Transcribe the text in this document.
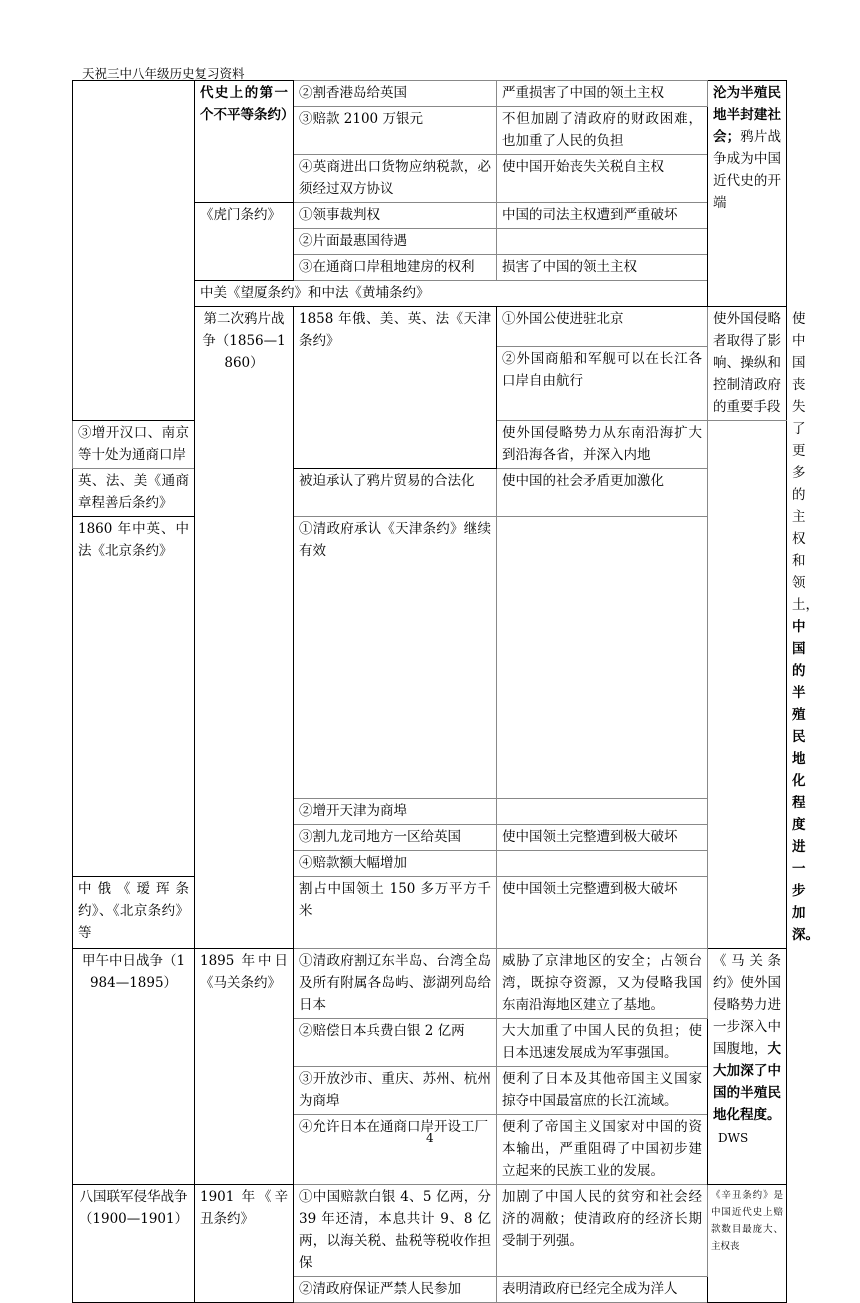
天祝三中八年级历史复习资料
	代史上的第一个不平等条约）	②割香港岛给英国	严重损害了中国的领土主权	沦为半殖民地半封建社会；鸦片战争成为中国近代史的开端	
		③赔款 2100 万银元	不但加剧了清政府的财政困难，也加重了人民的负担		
		④英商进出口货物应纳税款，必须经过双方协议	使中国开始丧失关税自主权		
	《虎门条约》	①领事裁判权	中国的司法主权遭到严重破坏		
		②片面最惠国待遇			
		③在通商口岸租地建房的权利	损害了中国的领土主权		
	中美《望厦条约》和中法《黄埔条约》				
	第二次鸦片战争（1856—1860）	1858 年俄、美、英、法《天津条约》	①外国公使进驻北京	使外国侵略者取得了影响、操纵和控制清政府的重要手段	使中国丧失了更多的主权和领土，中国的半殖民地化程度进一步加深。
			②外国商船和军舰可以在长江各口岸自由航行		
③增开汉口、南京等十处为通商口岸			使外国侵略势力从东南沿海扩大到沿海各省，并深入内地		
英、法、美《通商章程善后条约》		被迫承认了鸦片贸易的合法化	使中国的社会矛盾更加激化		
1860 年中英、中法《北京条约》		①清政府承认《天津条约》继续有效			
		②增开天津为商埠			
		③割九龙司地方一区给英国	使中国领土完整遭到极大破坏		
		④赔款额大幅增加			
中俄《瑷珲条约》、《北京条约》等		割占中国领土 150 多万平方千米	使中国领土完整遭到极大破坏		
甲午中日战争（1984—1895）	1895 年中日《马关条约》	①清政府割辽东半岛、台湾全岛及所有附属各岛屿、澎湖列岛给日本	威胁了京津地区的安全；占领台湾，既掠夺资源，又为侵略我国东南沿海地区建立了基地。	《马关条约》使外国侵略势力进一步深入中国腹地，大大加深了中国的半殖民地化程度。	
		②赔偿日本兵费白银 2 亿两	大大加重了中国人民的负担；使日本迅速发展成为军事强国。		
		③开放沙市、重庆、苏州、杭州为商埠	便利了日本及其他帝国主义国家掠夺中国最富庶的长江流域。		
		④允许日本在通商口岸开设工厂	便利了帝国主义国家对中国的资本输出，严重阻碍了中国初步建立起来的民族工业的发展。		
八国联军侵华战争（1900—1901）	1901 年《辛丑条约》	①中国赔款白银 4、5 亿两，分 39 年还清，本息共计 9、8 亿两，以海关税、盐税等税收作担保	加剧了中国人民的贫穷和社会经济的凋敝；使清政府的经济长期受制于列强。	《辛丑条约》是中国近代史上赔款数目最庞大、主权丧	
		②清政府保证严禁人民参加	表明清政府已经完全成为洋人		
4	DWS
